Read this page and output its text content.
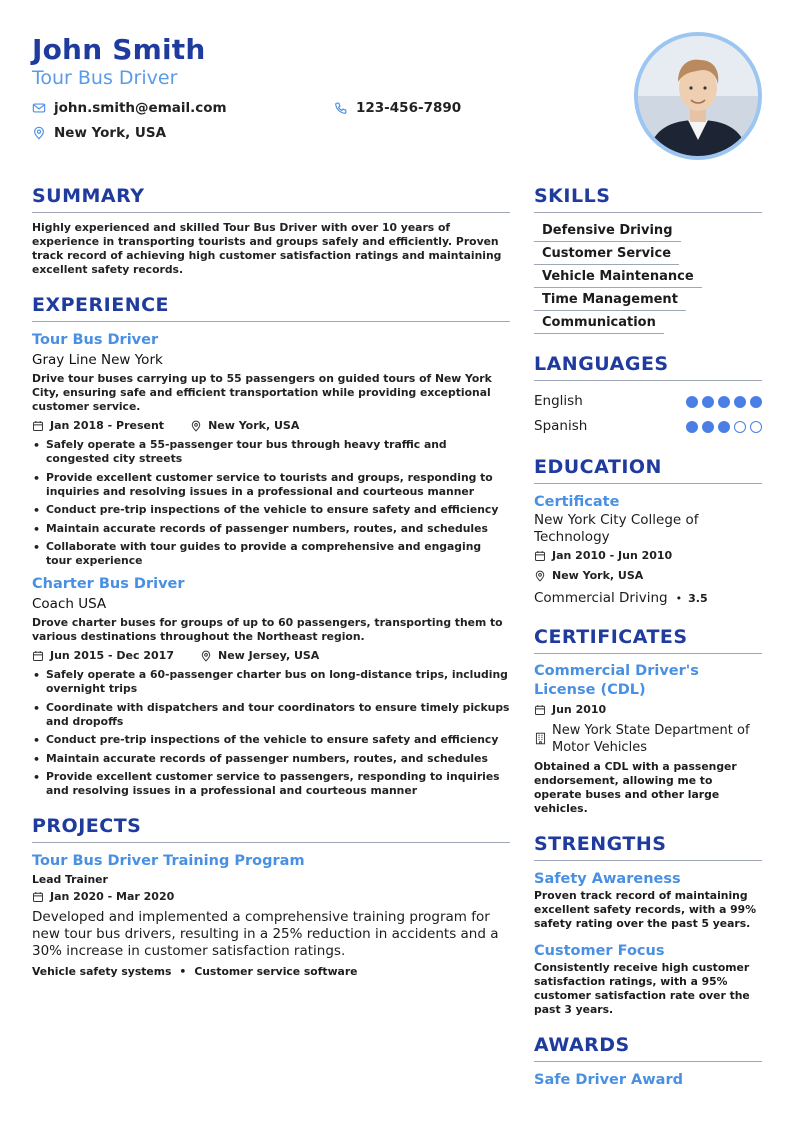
John Smith
Tour Bus Driver
john.smith@email.com	123-456-7890
New York, USA
SUMMARY
Highly experienced and skilled Tour Bus Driver with over 10 years of experience in transporting tourists and groups safely and efficiently. Proven track record of achieving high customer satisfaction ratings and maintaining excellent safety records.
EXPERIENCE
Tour Bus Driver
Gray Line New York
Drive tour buses carrying up to 55 passengers on guided tours of New York City, ensuring safe and efficient transportation while providing exceptional customer service.
Jan 2018 - Present	New York, USA
• Safely operate a 55-passenger tour bus through heavy traffic and congested city streets
• Provide excellent customer service to tourists and groups, responding to inquiries and resolving issues in a professional and courteous manner
• Conduct pre-trip inspections of the vehicle to ensure safety and efficiency
• Maintain accurate records of passenger numbers, routes, and schedules
• Collaborate with tour guides to provide a comprehensive and engaging tour experience
Charter Bus Driver
Coach USA
Drove charter buses for groups of up to 60 passengers, transporting them to various destinations throughout the Northeast region.
Jun 2015 - Dec 2017	New Jersey, USA
• Safely operate a 60-passenger charter bus on long-distance trips, including overnight trips
• Coordinate with dispatchers and tour coordinators to ensure timely pickups and dropoffs
• Conduct pre-trip inspections of the vehicle to ensure safety and efficiency
• Maintain accurate records of passenger numbers, routes, and schedules
• Provide excellent customer service to passengers, responding to inquiries and resolving issues in a professional and courteous manner
PROJECTS
Tour Bus Driver Training Program
Lead Trainer
Jan 2020 - Mar 2020
Developed and implemented a comprehensive training program for new tour bus drivers, resulting in a 25% reduction in accidents and a 30% increase in customer satisfaction ratings.
Vehicle safety systems • Customer service software
SKILLS
Defensive Driving
Customer Service
Vehicle Maintenance
Time Management
Communication
LANGUAGES
English
Spanish
EDUCATION
Certificate
New York City College of Technology
Jan 2010 - Jun 2010
New York, USA
Commercial Driving • 3.5
CERTIFICATES
Commercial Driver's License (CDL)
Jun 2010
New York State Department of Motor Vehicles
Obtained a CDL with a passenger endorsement, allowing me to operate buses and other large vehicles.
STRENGTHS
Safety Awareness
Proven track record of maintaining excellent safety records, with a 99% safety rating over the past 5 years.
Customer Focus
Consistently receive high customer satisfaction ratings, with a 95% customer satisfaction rate over the past 3 years.
AWARDS
Safe Driver Award
